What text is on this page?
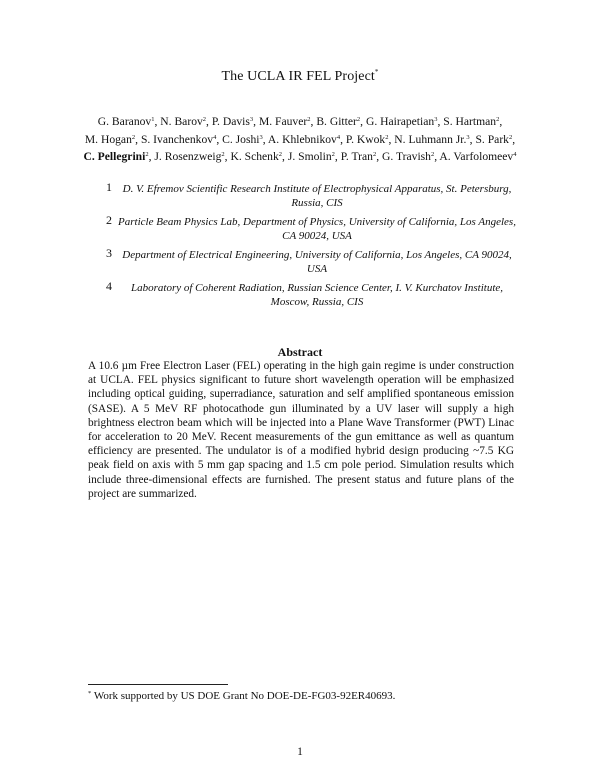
The UCLA IR FEL Project*
G. Baranov$^1$, N. Barov$^2$, P. Davis$^3$, M. Fauver$^2$, B. Gitter$^2$, G. Hairapetian$^3$, S. Hartman$^2$, M. Hogan$^2$, S. Ivanchenkov$^4$, C. Joshi$^3$, A. Khlebnikov$^4$, P. Kwok$^2$, N. Luhmann Jr.$^3$, S. Park$^2$, C. Pellegrini$^2$, J. Rosenzweig$^2$, K. Schenk$^2$, J. Smolin$^2$, P. Tran$^2$, G. Travish$^2$, A. Varfolomeev$^4$
1 D. V. Efremov Scientific Research Institute of Electrophysical Apparatus, St. Petersburg, Russia, CIS
2 Particle Beam Physics Lab, Department of Physics, University of California, Los Angeles, CA 90024, USA
3 Department of Electrical Engineering, University of California, Los Angeles, CA 90024, USA
4	Laboratory of Coherent Radiation, Russian Science Center, I. V. Kurchatov Institute, Moscow, Russia, CIS
Abstract
A 10.6 µm Free Electron Laser (FEL) operating in the high gain regime is under construction at UCLA. FEL physics significant to future short wavelength operation will be emphasized including optical guiding, superradiance, saturation and self amplified spontaneous emission (SASE). A 5 MeV RF photocathode gun illuminated by a UV laser will supply a high brightness electron beam which will be injected into a Plane Wave Transformer (PWT) Linac for acceleration to 20 MeV. Recent measurements of the gun emittance as well as quantum efficiency are presented. The undulator is of a modified hybrid design producing ~7.5 KG peak field on axis with 5 mm gap spacing and 1.5 cm pole period. Simulation results which include three-dimensional effects are furnished. The present status and future plans of the project are summarized.
* Work supported by US DOE Grant No DOE-DE-FG03-92ER40693.
1
